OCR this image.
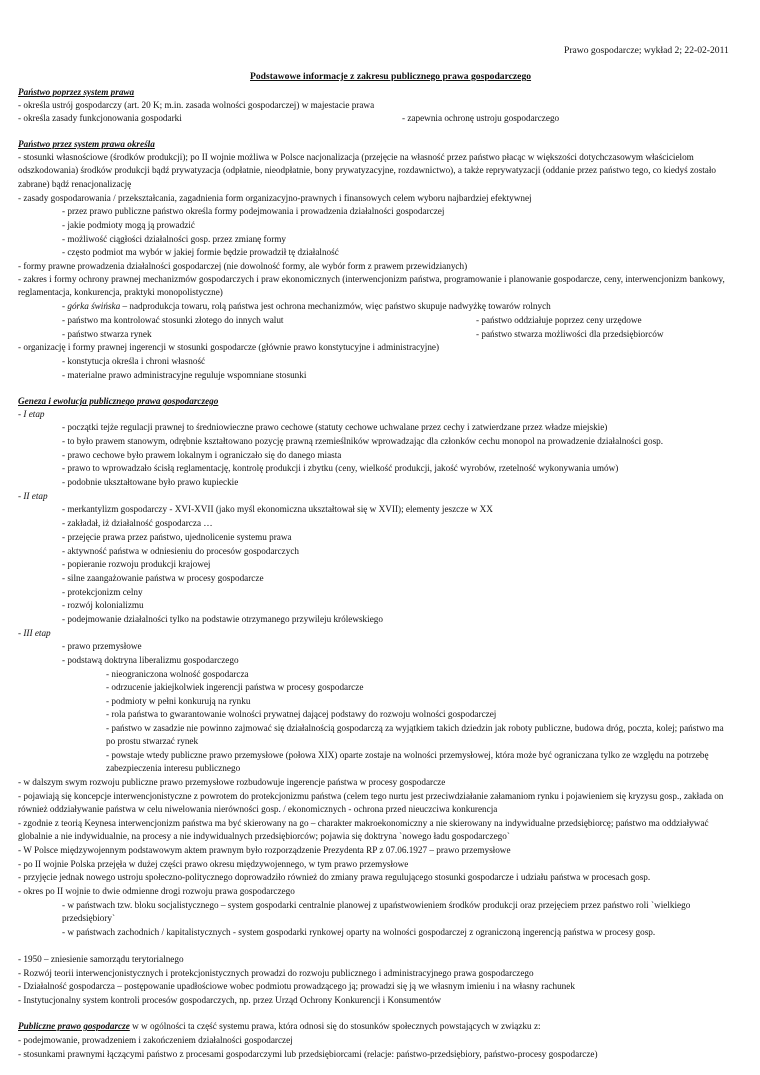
Prawo gospodarcze; wykład 2; 22-02-2011
Podstawowe informacje z zakresu publicznego prawa gospodarczego
Państwo poprzez system prawa
- określa ustrój gospodarczy (art. 20 K; m.in. zasada wolności gospodarczej) w majestacie prawa
- określa zasady funkcjonowania gospodarki	- zapewnia ochronę ustroju gospodarczego
Państwo przez system prawa określa
- stosunki własnościowe (środków produkcji); po II wojnie możliwa w Polsce nacjonalizacja (przejęcie na własność przez państwo płacąc w większości dotychczasowym właścicielom odszkodowania) środków produkcji bądź prywatyzacja (odpłatnie, nieodpłatnie, bony prywatyzacyjne, rozdawnictwo), a także reprywatyzacji (oddanie przez państwo tego, co kiedyś zostało zabrane) bądź renacjonalizację
- zasady gospodarowania / przekształcania, zagadnienia form organizacyjno-prawnych i finansowych celem wyboru najbardziej efektywnej
- przez prawo publiczne państwo określa formy podejmowania i prowadzenia działalności gospodarczej
- jakie podmioty mogą ją prowadzić
- możliwość ciągłości działalności gosp. przez zmianę formy
- często podmiot ma wybór w jakiej formie będzie prowadził tę działalność
- formy prawne prowadzenia działalności gospodarczej (nie dowolność formy, ale wybór form z prawem przewidzianych)
- zakres i formy ochrony prawnej mechanizmów gospodarczych i praw ekonomicznych (interwencjonizm państwa, programowanie i planowanie gospodarcze, ceny, interwencjonizm bankowy, reglamentacja, konkurencja, praktyki monopolistyczne)
- górka świńska – nadprodukcja towaru, rolą państwa jest ochrona mechanizmów, więc państwo skupuje nadwyżkę towarów rolnych
- państwo ma kontrolować stosunki złotego do innych walut	- państwo oddziałuje poprzez ceny urzędowe
- państwo stwarza rynek	- państwo stwarza możliwości dla przedsiębiorców
- organizację i formy prawnej ingerencji w stosunki gospodarcze (głównie prawo konstytucyjne i administracyjne)
- konstytucja określa i chroni własność
- materialne prawo administracyjne reguluje wspomniane stosunki
Geneza i ewolucja publicznego prawa gospodarczego
- I etap
- początki tejże regulacji prawnej to średniowieczne prawo cechowe (statuty cechowe uchwalane przez cechy i zatwierdzane przez władze miejskie)
- to było prawem stanowym, odrębnie kształtowano pozycję prawną rzemieślników wprowadzając dla członków cechu monopol na prowadzenie działalności gosp.
- prawo cechowe było prawem lokalnym i ograniczało się do danego miasta
- prawo to wprowadzało ścisłą reglamentację, kontrolę produkcji i zbytku (ceny, wielkość produkcji, jakość wyrobów, rzetelność wykonywania umów)
- podobnie ukształtowane było prawo kupieckie
- II etap
- merkantylizm gospodarczy - XVI-XVII (jako myśl ekonomiczna ukształtował się w XVII); elementy jeszcze w XX
- zakładał, iż działalność gospodarcza …
- przejęcie prawa przez państwo, ujednolicenie systemu prawa
- aktywność państwa w odniesieniu do procesów gospodarczych
- popieranie rozwoju produkcji krajowej
- silne zaangażowanie państwa w procesy gospodarcze
- protekcjonizm celny
- rozwój kolonializmu
- podejmowanie działalności tylko na podstawie otrzymanego przywileju królewskiego
- III etap
- prawo przemysłowe
- podstawą doktryna liberalizmu gospodarczego
- nieograniczona wolność gospodarcza
- odrzucenie jakiejkolwiek ingerencji państwa w procesy gospodarcze
- podmioty w pełni konkurują na rynku
- rola państwa to gwarantowanie wolności prywatnej dającej podstawy do rozwoju wolności gospodarczej
- państwo w zasadzie nie powinno zajmować się działalnością gospodarczą za wyjątkiem takich dziedzin jak roboty publiczne, budowa dróg, poczta, kolej; państwo ma po prostu stwarzać rynek
- powstaje wtedy publiczne prawo przemysłowe (połowa XIX) oparte zostaje na wolności przemysłowej, która może być ograniczana tylko ze względu na potrzebę zabezpieczenia interesu publicznego
- w dalszym swym rozwoju publiczne prawo przemysłowe rozbudowuje ingerencje państwa w procesy gospodarcze
- pojawiają się koncepcje interwencjonistyczne z powrotem do protekcjonizmu państwa (celem tego nurtu jest przeciwdziałanie załamaniom rynku i pojawieniem się kryzysu gosp., zakłada on również oddziaływanie państwa w celu niwelowania nierówności gosp. / ekonomicznych - ochrona przed nieuczciwa konkurencja
- zgodnie z teorią Keynesa interwencjonizm państwa ma być skierowany na go – charakter makroekonomiczny a nie skierowany na indywidualne przedsiębiorcę; państwo ma oddziaływać globalnie a nie indywidualnie, na procesy a nie indywidualnych przedsiębiorców; pojawia się doktryna `nowego ładu gospodarczego`
- W Polsce międzywojennym podstawowym aktem prawnym było rozporządzenie Prezydenta RP z 07.06.1927 – prawo przemysłowe
- po II wojnie Polska przejęła w dużej części prawo okresu międzywojennego, w tym prawo przemysłowe
- przyjęcie jednak nowego ustroju społeczno-politycznego doprowadziło również do zmiany prawa regulującego stosunki gospodarcze i udziału państwa w procesach gosp.
- okres po II wojnie to dwie odmienne drogi rozwoju prawa gospodarczego
- w państwach tzw. bloku socjalistycznego – system gospodarki centralnie planowej z upaństwowieniem środków produkcji oraz przejęciem przez państwo roli `wielkiego przedsiębiory`
- w państwach zachodnich / kapitalistycznych - system gospodarki rynkowej oparty na wolności gospodarczej z ograniczoną ingerencją państwa w procesy gosp.
- 1950 – zniesienie samorządu terytorialnego
- Rozwój teorii interwencjonistycznych i protekcjonistycznych prowadzi do rozwoju publicznego i administracyjnego prawa gospodarczego
- Działalność gospodarcza – postępowanie upadłościowe wobec podmiotu prowadzącego ją; prowadzi się ją we własnym imieniu i na własny rachunek
- Instytucjonalny system kontroli procesów gospodarczych, np. przez Urząd Ochrony Konkurencji i Konsumentów
Publiczne prawo gospodarcze w w ogólności ta część systemu prawa, która odnosi się do stosunków społecznych powstających w związku z:
- podejmowanie, prowadzeniem i zakończeniem działalności gospodarczej
- stosunkami prawnymi łączącymi państwo z procesami gospodarczymi lub przedsiębiorcami (relacje: państwo-przedsiębiory, państwo-procesy gospodarcze)
